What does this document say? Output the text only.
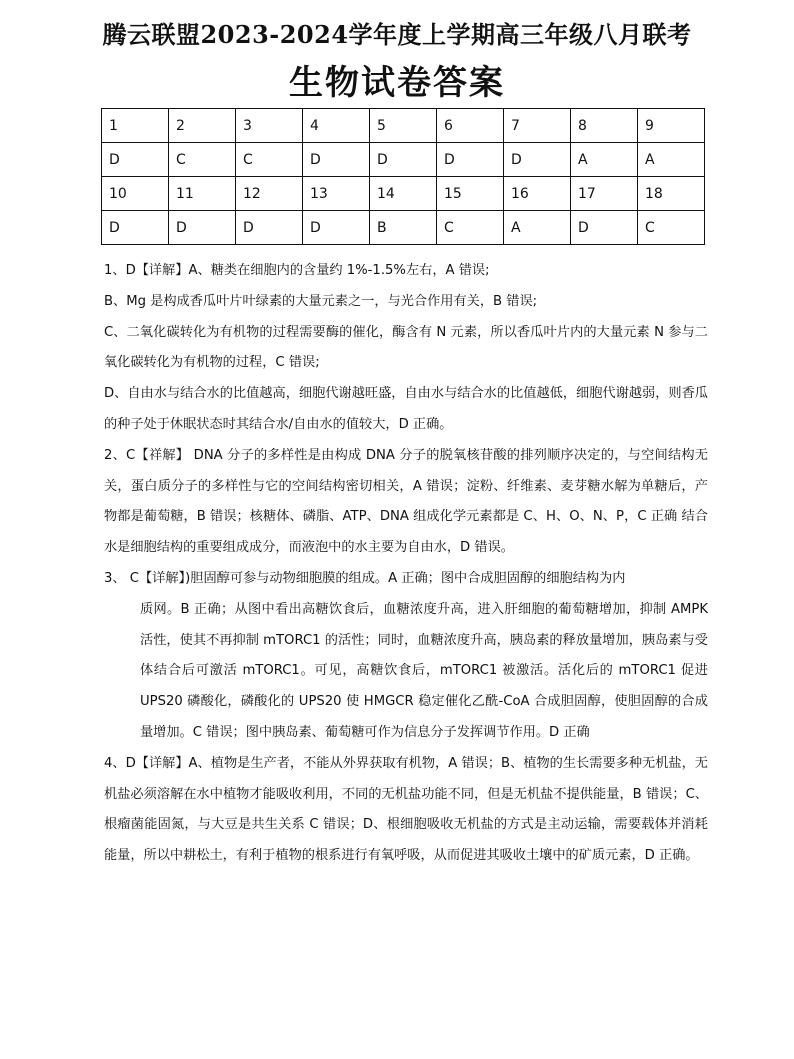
腾云联盟2023-2024学年度上学期高三年级八月联考
生物试卷答案
1	2	3	4	5	6	7	8	9
D	C	C	D	D	D	D	A	A
10	11	12	13	14	15	16	17	18
D	D	D	D	B	C	A	D	C

1、D【详解】A、糖类在细胞内的含量约 1%-1.5%左右，A 错误;

B、Mg 是构成香瓜叶片叶绿素的大量元素之一，与光合作用有关，B 错误;

C、二氧化碳转化为有机物的过程需要酶的催化，酶含有 N 元素，所以香瓜叶片内的大量元素 N 参与二氧化碳转化为有机物的过程，C 错误;

D、自由水与结合水的比值越高，细胞代谢越旺盛，自由水与结合水的比值越低，细胞代谢越弱，则香瓜的种子处于休眠状态时其结合水/自由水的值较大，D 正确。

2、C【祥解】 DNA 分子的多样性是由构成 DNA 分子的脱氧核苷酸的排列顺序决定的，与空间结构无关，蛋白质分子的多样性与它的空间结构密切相关，A 错误；淀粉、纤维素、麦芽糖水解为单糖后，产物都是葡萄糖，B 错误；核糖体、磷脂、ATP、DNA 组成化学元素都是 C、H、O、N、P，C 正确 结合水是细胞结构的重要组成成分，而液泡中的水主要为自由水，D 错误。

3、 C【详解】)胆固醇可参与动物细胞膜的组成。A 正确；图中合成胆固醇的细胞结构为内

质网。B 正确；从图中看出高糖饮食后，血糖浓度升高，进入肝细胞的葡萄糖增加，抑制 AMPK 活性，使其不再抑制 mTORC1 的活性；同时，血糖浓度升高，胰岛素的释放量增加，胰岛素与受体结合后可激活 mTORC1。可见，高糖饮食后，mTORC1 被激活。活化后的 mTORC1 促进 UPS20 磷酸化，磷酸化的 UPS20 使 HMGCR 稳定催化乙酰-CoA 合成胆固醇，使胆固醇的合成量增加。C 错误；图中胰岛素、葡萄糖可作为信息分子发挥调节作用。D 正确

4、D【详解】A、植物是生产者，不能从外界获取有机物，A 错误；B、植物的生长需要多种无机盐，无机盐必须溶解在水中植物才能吸收利用，不同的无机盐功能不同，但是无机盐不提供能量，B 错误；C、根瘤菌能固氮，与大豆是共生关系 C 错误；D、根细胞吸收无机盐的方式是主动运输，需要载体并消耗能量，所以中耕松土，有利于植物的根系进行有氧呼吸，从而促进其吸收土壤中的矿质元素，D 正确。
